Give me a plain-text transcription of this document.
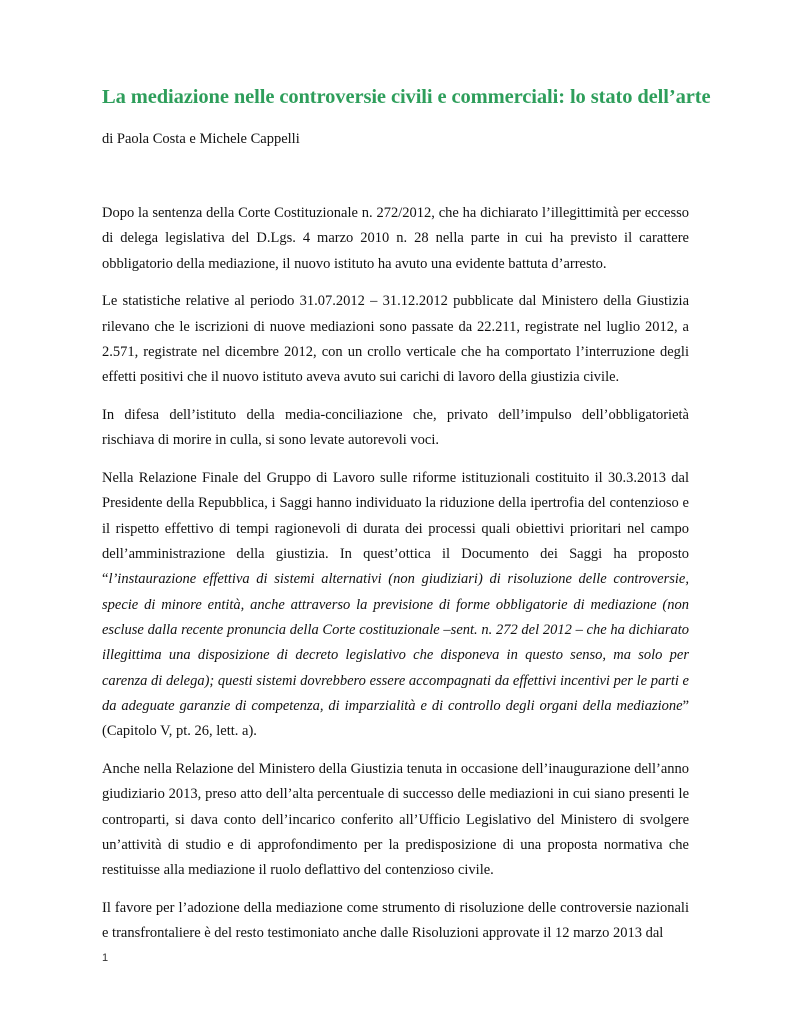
La mediazione nelle controversie civili e commerciali: lo stato dell’arte

di Paola Costa e Michele Cappelli

Dopo la sentenza della Corte Costituzionale n. 272/2012, che ha dichiarato l’illegittimità per eccesso di delega legislativa del D.Lgs. 4 marzo 2010 n. 28 nella parte in cui ha previsto il carattere obbligatorio della mediazione, il nuovo istituto ha avuto una evidente battuta d’arresto.

Le statistiche relative al periodo 31.07.2012 – 31.12.2012 pubblicate dal Ministero della Giustizia rilevano che le iscrizioni di nuove mediazioni sono passate da 22.211, registrate nel luglio 2012, a 2.571, registrate nel dicembre 2012, con un crollo verticale che ha comportato l’interruzione degli effetti positivi che il nuovo istituto aveva avuto sui carichi di lavoro della giustizia civile.

In difesa dell’istituto della media-conciliazione che, privato dell’impulso dell’obbligatorietà rischiava di morire in culla, si sono levate autorevoli voci.

Nella Relazione Finale del Gruppo di Lavoro sulle riforme istituzionali costituito il 30.3.2013 dal Presidente della Repubblica, i Saggi hanno individuato la riduzione della ipertrofia del contenzioso e il rispetto effettivo di tempi ragionevoli di durata dei processi quali obiettivi prioritari nel campo dell’amministrazione della giustizia. In quest’ottica il Documento dei Saggi ha proposto “l’instaurazione effettiva di sistemi alternativi (non giudiziari) di risoluzione delle controversie, specie di minore entità, anche attraverso la previsione di forme obbligatorie di mediazione (non escluse dalla recente pronuncia della Corte costituzionale –sent. n. 272 del 2012 – che ha dichiarato illegittima una disposizione di decreto legislativo che disponeva in questo senso, ma solo per carenza di delega); questi sistemi dovrebbero essere accompagnati da effettivi incentivi per le parti e da adeguate garanzie di competenza, di imparzialità e di controllo degli organi della mediazione” (Capitolo V, pt. 26, lett. a).

Anche nella Relazione del Ministero della Giustizia tenuta in occasione dell’inaugurazione dell’anno giudiziario 2013, preso atto dell’alta percentuale di successo delle mediazioni in cui siano presenti le controparti, si dava conto dell’incarico conferito all’Ufficio Legislativo del Ministero di svolgere un’attività di studio e di approfondimento per la predisposizione di una proposta normativa che restituisse alla mediazione il ruolo deflattivo del contenzioso civile.

Il favore per l’adozione della mediazione come strumento di risoluzione delle controversie nazionali e transfrontaliere è del resto testimoniato anche dalle Risoluzioni approvate il 12 marzo 2013 dal

1
